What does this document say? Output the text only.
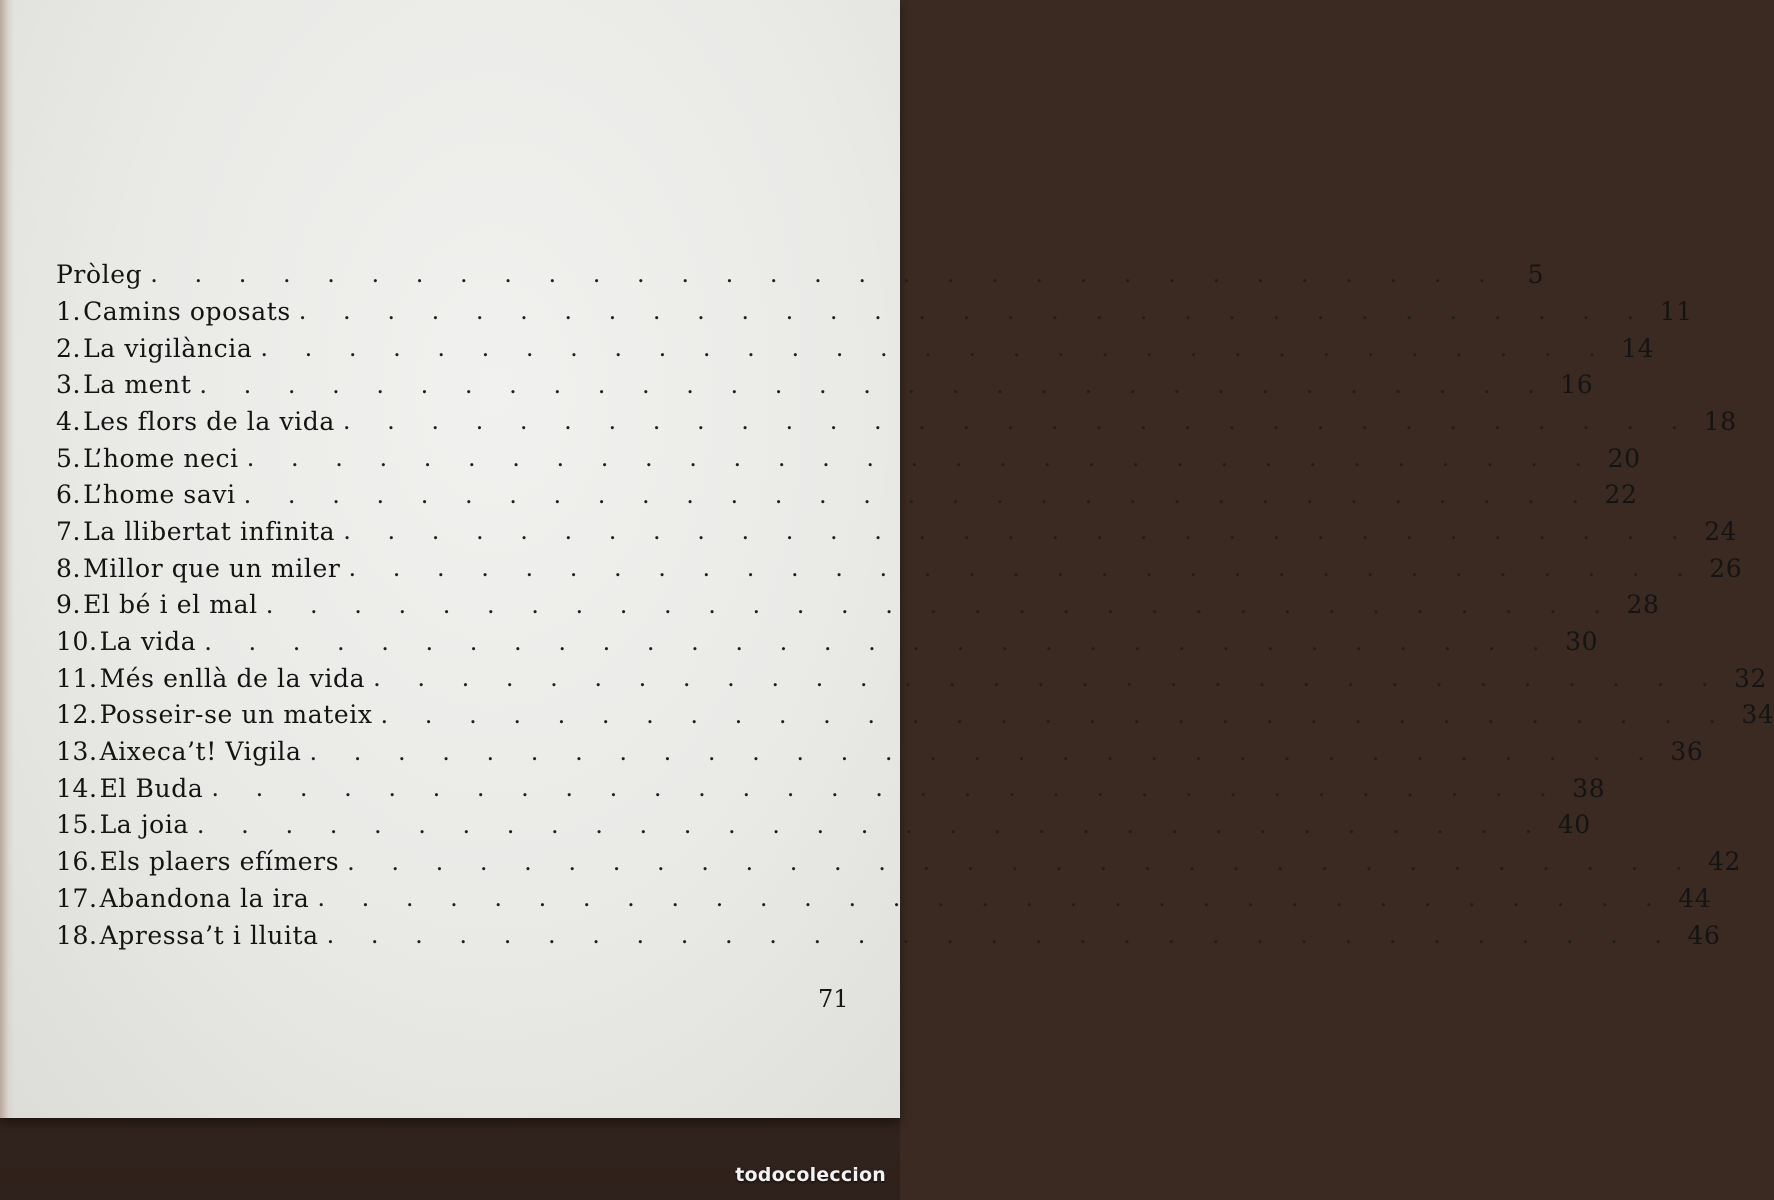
Pròleg . . . . . . . . . . . . . . . . . . . . . . . . . . . . . . .	5
1. Camins oposats . . . . . . . . . . . . . . . . . . . . . . . . . . . . . . . 11
2. La vigilància . . . . . . . . . . . . . . . . . . . . . . . . . . . . . . . 14
3. La ment . . . . . . . . . . . . . . . . . . . . . . . . . . . . . . . 16
4. Les flors de la vida . . . . . . . . . . . . . . . . . . . . . . . . . . . . . . . 18
5. L’home neci . . . . . . . . . . . . . . . . . . . . . . . . . . . . . . . 20
6. L’home savi . . . . . . . . . . . . . . . . . . . . . . . . . . . . . . . 22
7. La llibertat infinita . . . . . . . . . . . . . . . . . . . . . . . . . . . . . . . 24
8. Millor que un miler . . . . . . . . . . . . . . . . . . . . . . . . . . . . . . . 26
9. El bé i el mal . . . . . . . . . . . . . . . . . . . . . . . . . . . . . . . 28
10. La vida . . . . . . . . . . . . . . . . . . . . . . . . . . . . . . . 30
11. Més enllà de la vida . . . . . . . . . . . . . . . . . . . . . . . . . . . . . . . 32
12. Posseir-se un mateix . . . . . . . . . . . . . . . . . . . . . . . . . . . . . . . 34
13. Aixeca’t! Vigila . . . . . . . . . . . . . . . . . . . . . . . . . . . . . . . 36
14. El Buda . . . . . . . . . . . . . . . . . . . . . . . . . . . . . . . 38
15. La joia . . . . . . . . . . . . . . . . . . . . . . . . . . . . . . . 40
16. Els plaers efímers . . . . . . . . . . . . . . . . . . . . . . . . . . . . . . . 42
17. Abandona la ira . . . . . . . . . . . . . . . . . . . . . . . . . . . . . . . 44
18. Apressa’t i lluita . . . . . . . . . . . . . . . . . . . . . . . . . . . . . . . 46
71
todocoleccion
